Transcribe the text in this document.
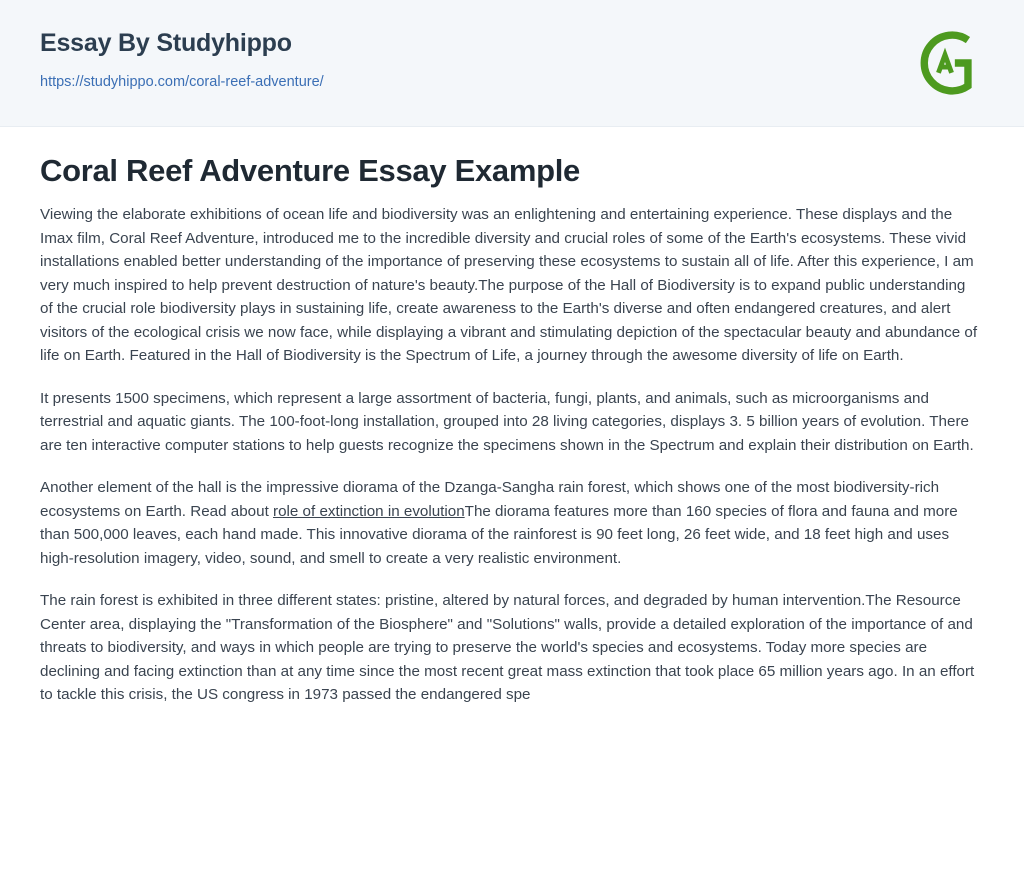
Essay By Studyhippo
https://studyhippo.com/coral-reef-adventure/
Coral Reef Adventure Essay Example

Viewing the elaborate exhibitions of ocean life and biodiversity was an enlightening and entertaining experience. These displays and the Imax film, Coral Reef Adventure, introduced me to the incredible diversity and crucial roles of some of the Earth's ecosystems. These vivid installations enabled better understanding of the importance of preserving these ecosystems to sustain all of life. After this experience, I am very much inspired to help prevent destruction of nature's beauty.The purpose of the Hall of Biodiversity is to expand public understanding of the crucial role biodiversity plays in sustaining life, create awareness to the Earth's diverse and often endangered creatures, and alert visitors of the ecological crisis we now face, while displaying a vibrant and stimulating depiction of the spectacular beauty and abundance of life on Earth. Featured in the Hall of Biodiversity is the Spectrum of Life, a journey through the awesome diversity of life on Earth.

It presents 1500 specimens, which represent a large assortment of bacteria, fungi, plants, and animals, such as microorganisms and terrestrial and aquatic giants. The 100-foot-long installation, grouped into 28 living categories, displays 3. 5 billion years of evolution. There are ten interactive computer stations to help guests recognize the specimens shown in the Spectrum and explain their distribution on Earth.

Another element of the hall is the impressive diorama of the Dzanga-Sangha rain forest, which shows one of the most biodiversity-rich ecosystems on Earth. Read about role of extinction in evolutionThe diorama features more than 160 species of flora and fauna and more than 500,000 leaves, each hand made. This innovative diorama of the rainforest is 90 feet long, 26 feet wide, and 18 feet high and uses high-resolution imagery, video, sound, and smell to create a very realistic environment.

The rain forest is exhibited in three different states: pristine, altered by natural forces, and degraded by human intervention.The Resource Center area, displaying the "Transformation of the Biosphere" and "Solutions" walls, provide a detailed exploration of the importance of and threats to biodiversity, and ways in which people are trying to preserve the world's species and ecosystems. Today more species are declining and facing extinction than at any time since the most recent great mass extinction that took place 65 million years ago. In an effort to tackle this crisis, the US congress in 1973 passed the endangered spe
